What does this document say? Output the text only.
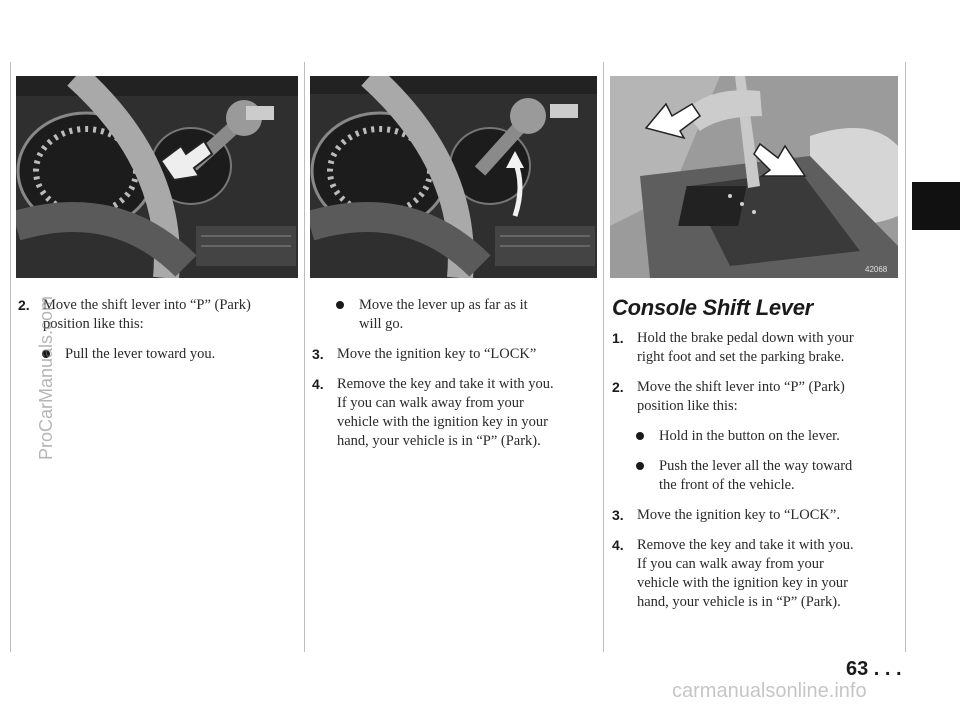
42068
2. Move the shift lever into “P” (Park)
position like this:
Pull the lever toward you.
Move the lever up as far as it
will go.
3. Move the ignition key to “LOCK”
4. Remove the key and take it with you.
If you can walk away from your
vehicle with the ignition key in your
hand, your vehicle is in “P” (Park).
Console Shift Lever
1. Hold the brake pedal down with your
right foot and set the parking brake.
2. Move the shift lever into “P” (Park)
position like this:
Hold in the button on the lever.
Push the lever all the way toward
the front of the vehicle.
3. Move the ignition key to “LOCK”.
4. Remove the key and take it with you.
If you can walk away from your
vehicle with the ignition key in your
hand, your vehicle is in “P” (Park).
63 . . .
ProCarManuals.com
carmanualsonline.info
